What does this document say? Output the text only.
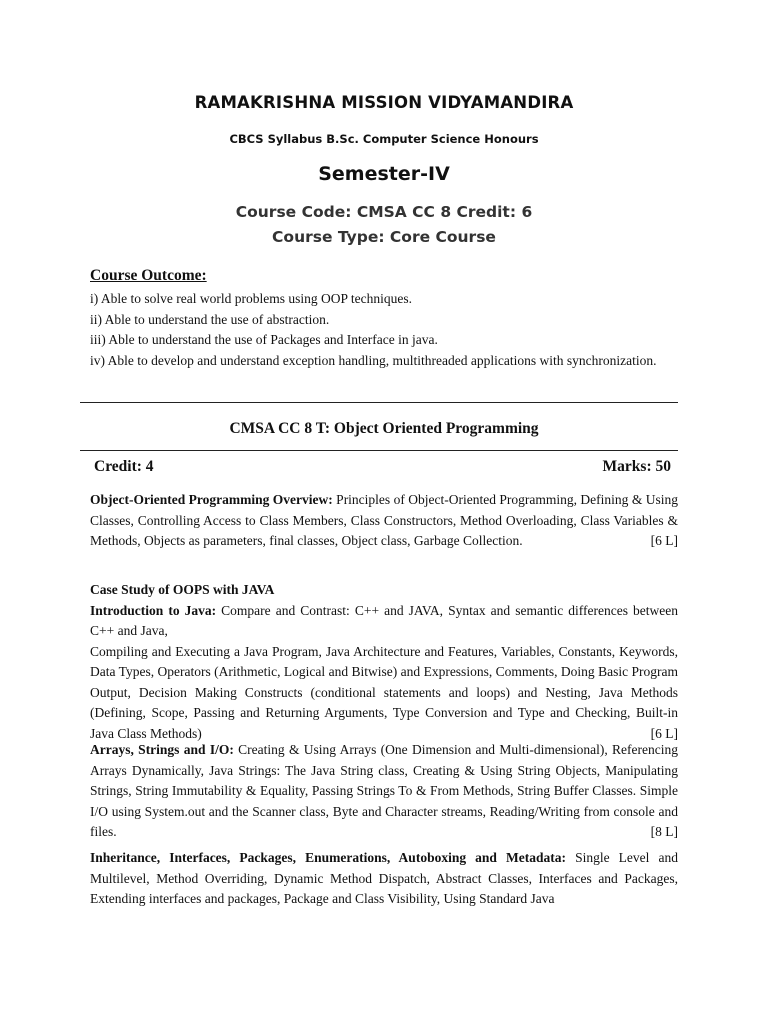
RAMAKRISHNA MISSION VIDYAMANDIRA
CBCS Syllabus B.Sc. Computer Science Honours
Semester-IV
Course Code: CMSA CC 8 Credit: 6
Course Type: Core Course
Course Outcome:
i) Able to solve real world problems using OOP techniques.
ii) Able to understand the use of abstraction.
iii) Able to understand the use of Packages and Interface in java.
iv) Able to develop and understand exception handling, multithreaded applications with synchronization.
CMSA CC 8 T: Object Oriented Programming
Credit: 4	Marks: 50
Object-Oriented Programming Overview: Principles of Object-Oriented Programming, Defining & Using Classes, Controlling Access to Class Members, Class Constructors, Method Overloading, Class Variables & Methods, Objects as parameters, final classes, Object class, Garbage Collection.	[6 L]
Case Study of OOPS with JAVA
Introduction to Java: Compare and Contrast: C++ and JAVA, Syntax and semantic differences between C++ and Java,
Compiling and Executing a Java Program, Java Architecture and Features, Variables, Constants, Keywords, Data Types, Operators (Arithmetic, Logical and Bitwise) and Expressions, Comments, Doing Basic Program Output, Decision Making Constructs (conditional statements and loops) and Nesting, Java Methods (Defining, Scope, Passing and Returning Arguments, Type Conversion and Type and Checking, Built-in Java Class Methods)	[6 L]
Arrays, Strings and I/O: Creating & Using Arrays (One Dimension and Multi-dimensional), Referencing Arrays Dynamically, Java Strings: The Java String class, Creating & Using String Objects, Manipulating Strings, String Immutability & Equality, Passing Strings To & From Methods, String Buffer Classes. Simple I/O using System.out and the Scanner class, Byte and Character streams, Reading/Writing from console and files.	[8 L]
Inheritance, Interfaces, Packages, Enumerations, Autoboxing and Metadata: Single Level and Multilevel, Method Overriding, Dynamic Method Dispatch, Abstract Classes, Interfaces and Packages, Extending interfaces and packages, Package and Class Visibility, Using Standard Java
